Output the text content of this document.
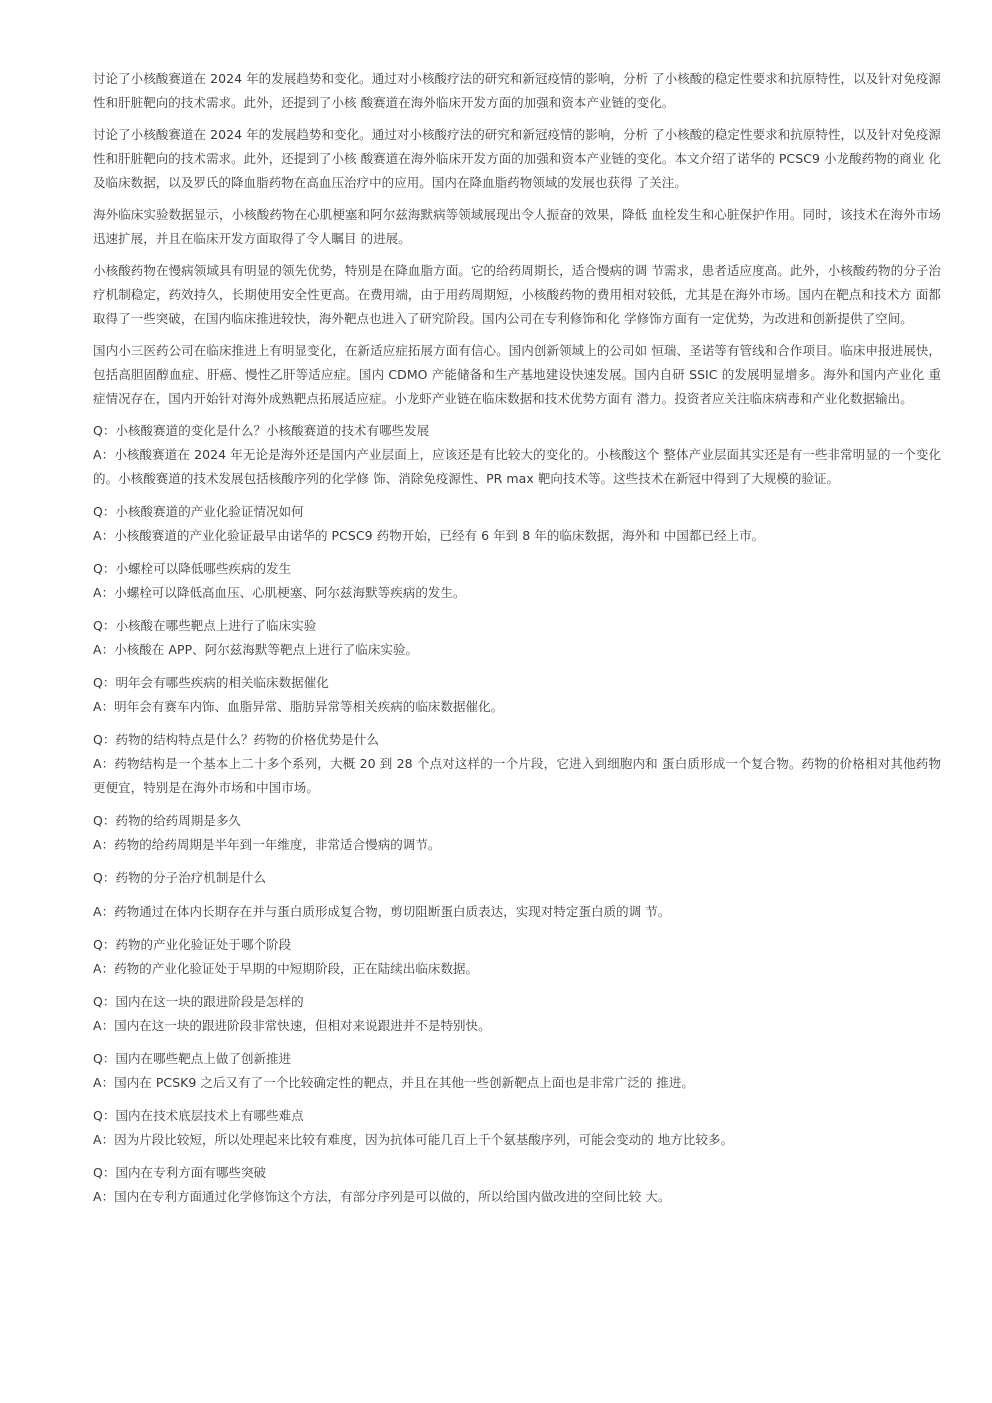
讨论了小核酸赛道在 2024 年的发展趋势和变化。通过对小核酸疗法的研究和新冠疫情的影响，分析 了小核酸的稳定性要求和抗原特性，以及针对免疫源性和肝脏靶向的技术需求。此外，还提到了小核 酸赛道在海外临床开发方面的加强和资本产业链的变化。

讨论了小核酸赛道在 2024 年的发展趋势和变化。通过对小核酸疗法的研究和新冠疫情的影响，分析 了小核酸的稳定性要求和抗原特性，以及针对免疫源性和肝脏靶向的技术需求。此外，还提到了小核 酸赛道在海外临床开发方面的加强和资本产业链的变化。本文介绍了诺华的 PCSC9 小龙酸药物的商业 化及临床数据，以及罗氏的降血脂药物在高血压治疗中的应用。国内在降血脂药物领域的发展也获得 了关注。

海外临床实验数据显示，小核酸药物在心肌梗塞和阿尔兹海默病等领域展现出令人振奋的效果，降低 血栓发生和心脏保护作用。同时，该技术在海外市场迅速扩展，并且在临床开发方面取得了令人瞩目 的进展。

小核酸药物在慢病领域具有明显的领先优势，特别是在降血脂方面。它的给药周期长，适合慢病的调 节需求，患者适应度高。此外，小核酸药物的分子治疗机制稳定，药效持久，长期使用安全性更高。在费用端，由于用药周期短，小核酸药物的费用相对较低，尤其是在海外市场。国内在靶点和技术方 面都取得了一些突破，在国内临床推进较快，海外靶点也进入了研究阶段。国内公司在专利修饰和化 学修饰方面有一定优势，为改进和创新提供了空间。

国内小三医药公司在临床推进上有明显变化，在新适应症拓展方面有信心。国内创新领域上的公司如 恒瑞、圣诺等有管线和合作项目。临床申报进展快，包括高胆固醇血症、肝癌、慢性乙肝等适应症。国内 CDMO 产能储备和生产基地建设快速发展。国内自研 SSIC 的发展明显增多。海外和国内产业化 重症情况存在，国内开始针对海外成熟靶点拓展适应症。小龙虾产业链在临床数据和技术优势方面有 潜力。投资者应关注临床病毒和产业化数据输出。

Q：小核酸赛道的变化是什么？小核酸赛道的技术有哪些发展

A：小核酸赛道在 2024 年无论是海外还是国内产业层面上，应该还是有比较大的变化的。小核酸这个 整体产业层面其实还是有一些非常明显的一个变化的。小核酸赛道的技术发展包括核酸序列的化学修 饰、消除免疫源性、PR max 靶向技术等。这些技术在新冠中得到了大规模的验证。

Q：小核酸赛道的产业化验证情况如何

A：小核酸赛道的产业化验证最早由诺华的 PCSC9 药物开始，已经有 6 年到 8 年的临床数据，海外和 中国都已经上市。

Q：小螺栓可以降低哪些疾病的发生

A：小螺栓可以降低高血压、心肌梗塞、阿尔兹海默等疾病的发生。

Q：小核酸在哪些靶点上进行了临床实验

A：小核酸在 APP、阿尔兹海默等靶点上进行了临床实验。

Q：明年会有哪些疾病的相关临床数据催化

A：明年会有赛车内饰、血脂异常、脂肪异常等相关疾病的临床数据催化。

Q：药物的结构特点是什么？药物的价格优势是什么

A：药物结构是一个基本上二十多个系列，大概 20 到 28 个点对这样的一个片段，它进入到细胞内和 蛋白质形成一个复合物。药物的价格相对其他药物更便宜，特别是在海外市场和中国市场。

Q：药物的给药周期是多久

A：药物的给药周期是半年到一年维度，非常适合慢病的调节。

Q：药物的分子治疗机制是什么

A：药物通过在体内长期存在并与蛋白质形成复合物，剪切阻断蛋白质表达，实现对特定蛋白质的调 节。

Q：药物的产业化验证处于哪个阶段

A：药物的产业化验证处于早期的中短期阶段，正在陆续出临床数据。

Q：国内在这一块的跟进阶段是怎样的

A：国内在这一块的跟进阶段非常快速，但相对来说跟进并不是特别快。

Q：国内在哪些靶点上做了创新推进

A：国内在 PCSK9 之后又有了一个比较确定性的靶点，并且在其他一些创新靶点上面也是非常广泛的 推进。

Q：国内在技术底层技术上有哪些难点

A：因为片段比较短，所以处理起来比较有难度，因为抗体可能几百上千个氨基酸序列，可能会变动的 地方比较多。

Q：国内在专利方面有哪些突破

A：国内在专利方面通过化学修饰这个方法，有部分序列是可以做的，所以给国内做改进的空间比较 大。
